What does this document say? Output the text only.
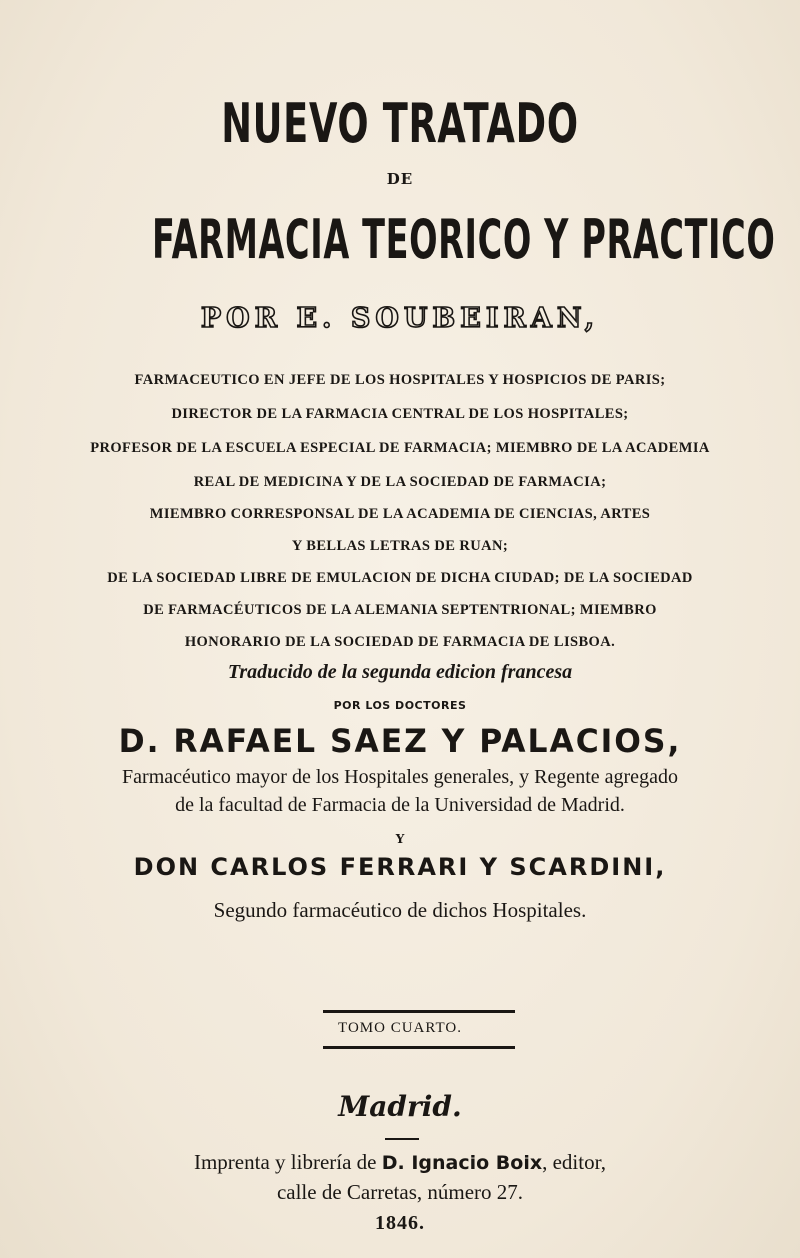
NUEVO TRATADO
DE
FARMACIA TEORICO Y PRACTICO
POR E. SOUBEIRAN,
FARMACEUTICO EN JEFE DE LOS HOSPITALES Y HOSPICIOS DE PARIS;
DIRECTOR DE LA FARMACIA CENTRAL DE LOS HOSPITALES;
PROFESOR DE LA ESCUELA ESPECIAL DE FARMACIA; MIEMBRO DE LA ACADEMIA
REAL DE MEDICINA Y DE LA SOCIEDAD DE FARMACIA;
MIEMBRO CORRESPONSAL DE LA ACADEMIA DE CIENCIAS, ARTES
Y BELLAS LETRAS DE RUAN;
DE LA SOCIEDAD LIBRE DE EMULACION DE DICHA CIUDAD; DE LA SOCIEDAD
DE FARMACÉUTICOS DE LA ALEMANIA SEPTENTRIONAL; MIEMBRO
HONORARIO DE LA SOCIEDAD DE FARMACIA DE LISBOA.
Traducido de la segunda edicion francesa
POR LOS DOCTORES
D. RAFAEL SAEZ Y PALACIOS,
Farmacéutico mayor de los Hospitales generales, y Regente agregado
de la facultad de Farmacia de la Universidad de Madrid.
Y
DON CARLOS FERRARI Y SCARDINI,
Segundo farmacéutico de dichos Hospitales.
TOMO CUARTO.
Madrid.
Imprenta y librería de D. Ignacio Boix, editor,
calle de Carretas, número 27.
1846.
